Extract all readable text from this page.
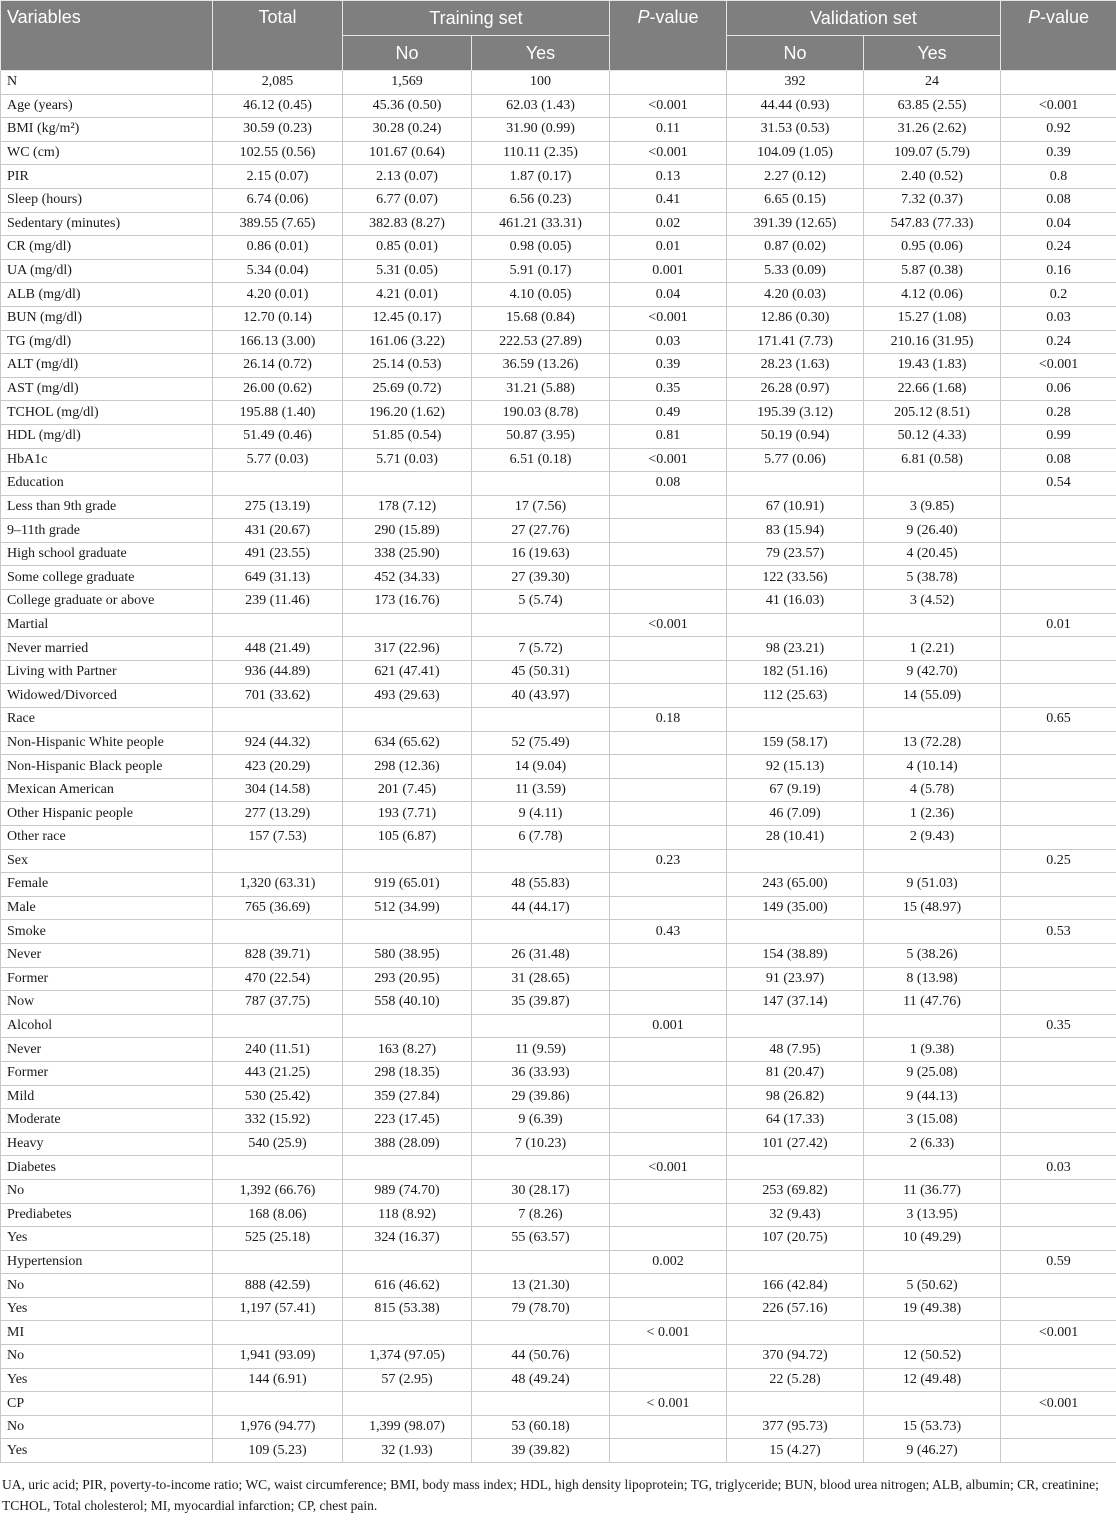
Variables	Total	Training set		P-value	Validation set		P-value
		No	Yes		No	Yes	
N	2,085	1,569	100		392	24	
Age (years)	46.12 (0.45)	45.36 (0.50)	62.03 (1.43)	<0.001	44.44 (0.93)	63.85 (2.55)	<0.001
BMI (kg/m²)	30.59 (0.23)	30.28 (0.24)	31.90 (0.99)	0.11	31.53 (0.53)	31.26 (2.62)	0.92
WC (cm)	102.55 (0.56)	101.67 (0.64)	110.11 (2.35)	<0.001	104.09 (1.05)	109.07 (5.79)	0.39
PIR	2.15 (0.07)	2.13 (0.07)	1.87 (0.17)	0.13	2.27 (0.12)	2.40 (0.52)	0.8
Sleep (hours)	6.74 (0.06)	6.77 (0.07)	6.56 (0.23)	0.41	6.65 (0.15)	7.32 (0.37)	0.08
Sedentary (minutes)	389.55 (7.65)	382.83 (8.27)	461.21 (33.31)	0.02	391.39 (12.65)	547.83 (77.33)	0.04
CR (mg/dl)	0.86 (0.01)	0.85 (0.01)	0.98 (0.05)	0.01	0.87 (0.02)	0.95 (0.06)	0.24
UA (mg/dl)	5.34 (0.04)	5.31 (0.05)	5.91 (0.17)	0.001	5.33 (0.09)	5.87 (0.38)	0.16
ALB (mg/dl)	4.20 (0.01)	4.21 (0.01)	4.10 (0.05)	0.04	4.20 (0.03)	4.12 (0.06)	0.2
BUN (mg/dl)	12.70 (0.14)	12.45 (0.17)	15.68 (0.84)	<0.001	12.86 (0.30)	15.27 (1.08)	0.03
TG (mg/dl)	166.13 (3.00)	161.06 (3.22)	222.53 (27.89)	0.03	171.41 (7.73)	210.16 (31.95)	0.24
ALT (mg/dl)	26.14 (0.72)	25.14 (0.53)	36.59 (13.26)	0.39	28.23 (1.63)	19.43 (1.83)	<0.001
AST (mg/dl)	26.00 (0.62)	25.69 (0.72)	31.21 (5.88)	0.35	26.28 (0.97)	22.66 (1.68)	0.06
TCHOL (mg/dl)	195.88 (1.40)	196.20 (1.62)	190.03 (8.78)	0.49	195.39 (3.12)	205.12 (8.51)	0.28
HDL (mg/dl)	51.49 (0.46)	51.85 (0.54)	50.87 (3.95)	0.81	50.19 (0.94)	50.12 (4.33)	0.99
HbA1c	5.77 (0.03)	5.71 (0.03)	6.51 (0.18)	<0.001	5.77 (0.06)	6.81 (0.58)	0.08
Education				0.08			0.54
Less than 9th grade	275 (13.19)	178 (7.12)	17 (7.56)		67 (10.91)	3 (9.85)	
9–11th grade	431 (20.67)	290 (15.89)	27 (27.76)		83 (15.94)	9 (26.40)	
High school graduate	491 (23.55)	338 (25.90)	16 (19.63)		79 (23.57)	4 (20.45)	
Some college graduate	649 (31.13)	452 (34.33)	27 (39.30)		122 (33.56)	5 (38.78)	
College graduate or above	239 (11.46)	173 (16.76)	5 (5.74)		41 (16.03)	3 (4.52)	
Martial				<0.001			0.01
Never married	448 (21.49)	317 (22.96)	7 (5.72)		98 (23.21)	1 (2.21)	
Living with Partner	936 (44.89)	621 (47.41)	45 (50.31)		182 (51.16)	9 (42.70)	
Widowed/Divorced	701 (33.62)	493 (29.63)	40 (43.97)		112 (25.63)	14 (55.09)	
Race				0.18			0.65
Non-Hispanic White people	924 (44.32)	634 (65.62)	52 (75.49)		159 (58.17)	13 (72.28)	
Non-Hispanic Black people	423 (20.29)	298 (12.36)	14 (9.04)		92 (15.13)	4 (10.14)	
Mexican American	304 (14.58)	201 (7.45)	11 (3.59)		67 (9.19)	4 (5.78)	
Other Hispanic people	277 (13.29)	193 (7.71)	9 (4.11)		46 (7.09)	1 (2.36)	
Other race	157 (7.53)	105 (6.87)	6 (7.78)		28 (10.41)	2 (9.43)	
Sex				0.23			0.25
Female	1,320 (63.31)	919 (65.01)	48 (55.83)		243 (65.00)	9 (51.03)	
Male	765 (36.69)	512 (34.99)	44 (44.17)		149 (35.00)	15 (48.97)	
Smoke				0.43			0.53
Never	828 (39.71)	580 (38.95)	26 (31.48)		154 (38.89)	5 (38.26)	
Former	470 (22.54)	293 (20.95)	31 (28.65)		91 (23.97)	8 (13.98)	
Now	787 (37.75)	558 (40.10)	35 (39.87)		147 (37.14)	11 (47.76)	
Alcohol				0.001			0.35
Never	240 (11.51)	163 (8.27)	11 (9.59)		48 (7.95)	1 (9.38)	
Former	443 (21.25)	298 (18.35)	36 (33.93)		81 (20.47)	9 (25.08)	
Mild	530 (25.42)	359 (27.84)	29 (39.86)		98 (26.82)	9 (44.13)	
Moderate	332 (15.92)	223 (17.45)	9 (6.39)		64 (17.33)	3 (15.08)	
Heavy	540 (25.9)	388 (28.09)	7 (10.23)		101 (27.42)	2 (6.33)	
Diabetes				<0.001			0.03
No	1,392 (66.76)	989 (74.70)	30 (28.17)		253 (69.82)	11 (36.77)	
Prediabetes	168 (8.06)	118 (8.92)	7 (8.26)		32 (9.43)	3 (13.95)	
Yes	525 (25.18)	324 (16.37)	55 (63.57)		107 (20.75)	10 (49.29)	
Hypertension				0.002			0.59
No	888 (42.59)	616 (46.62)	13 (21.30)		166 (42.84)	5 (50.62)	
Yes	1,197 (57.41)	815 (53.38)	79 (78.70)		226 (57.16)	19 (49.38)	
MI				< 0.001			<0.001
No	1,941 (93.09)	1,374 (97.05)	44 (50.76)		370 (94.72)	12 (50.52)	
Yes	144 (6.91)	57 (2.95)	48 (49.24)		22 (5.28)	12 (49.48)	
CP				< 0.001			<0.001
No	1,976 (94.77)	1,399 (98.07)	53 (60.18)		377 (95.73)	15 (53.73)	
Yes	109 (5.23)	32 (1.93)	39 (39.82)		15 (4.27)	9 (46.27)	
UA, uric acid; PIR, poverty-to-income ratio; WC, waist circumference; BMI, body mass index; HDL, high density lipoprotein; TG, triglyceride; BUN, blood urea nitrogen; ALB, albumin; CR, creatinine; TCHOL, Total cholesterol; MI, myocardial infarction; CP, chest pain.
